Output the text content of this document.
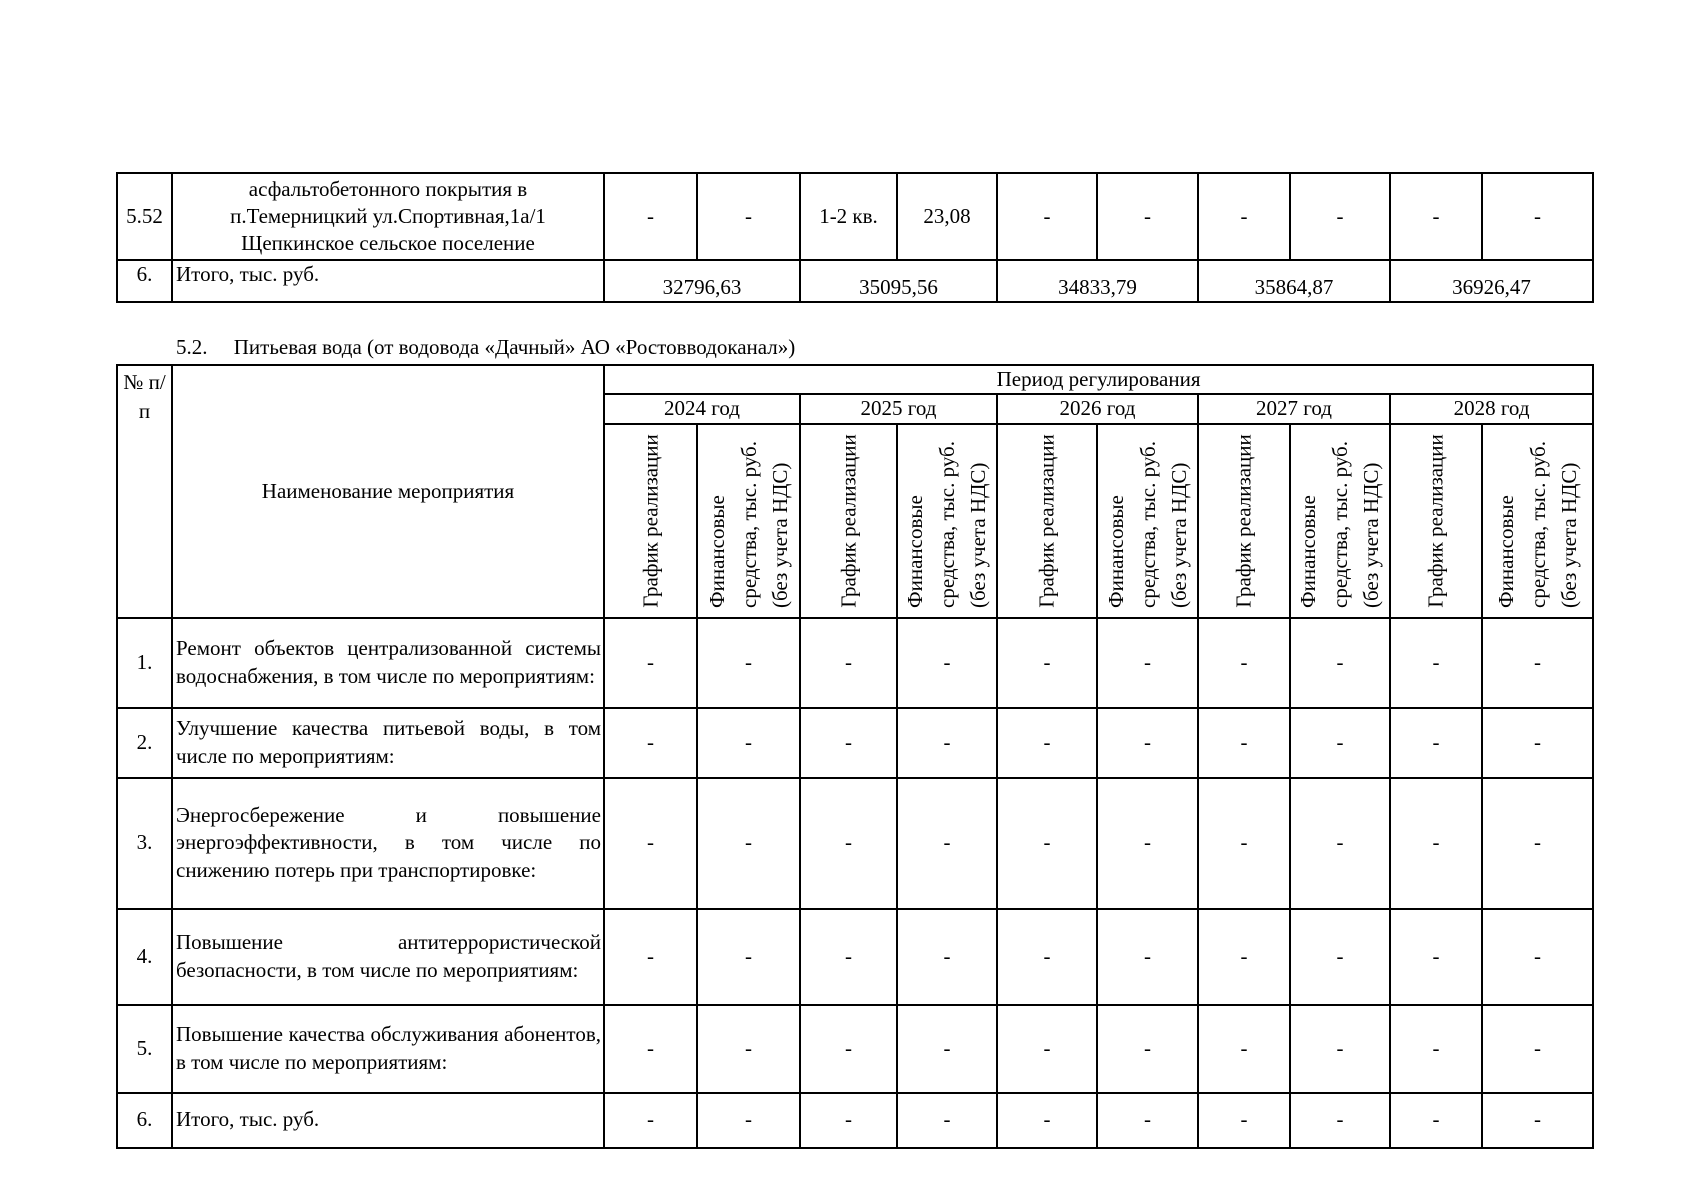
5.52	асфальтобетонного покрытия в
п.Темерницкий ул.Спортивная,1а/1
Щепкинское сельское поселение	-	-	1-2 кв.	23,08	-	-	-	-	-	-
6.	Итого, тыс. руб.	32796,63		35095,56		34833,79		35864,87		36926,47	
5.2.     Питьевая вода (от водовода «Дачный» АО «Ростовводоканал»)
№ п/п	Наименование мероприятия	Период регулирования									
		2024 год		2025 год		2026 год		2027 год		2028 год	

		График реализации	Финансовые средства, тыс. руб. (без учета НДС)	График реализации	Финансовые средства, тыс. руб. (без учета НДС)	График реализации	Финансовые средства, тыс. руб. (без учета НДС)	График реализации	Финансовые средства, тыс. руб. (без учета НДС)	График реализации	Финансовые средства, тыс. руб. (без учета НДС)

1.	Ремонт объектов централизованной системы водоснабжения, в том числе по мероприятиям:	-	-	-	-	-	-	-	-	-	-
2.	Улучшение качества питьевой воды, в том числе по мероприятиям:	-	-	-	-	-	-	-	-	-	-
3.	Энергосбережение и повышение энергоэффективности, в том числе по снижению потерь при транспортировке:	-	-	-	-	-	-	-	-	-	-
4.	Повышение антитеррористической безопасности, в том числе по мероприятиям:	-	-	-	-	-	-	-	-	-	-
5.	Повышение качества обслуживания абонентов, в том числе по мероприятиям:	-	-	-	-	-	-	-	-	-	-
6.	Итого, тыс. руб.	-	-	-	-	-	-	-	-	-	-
